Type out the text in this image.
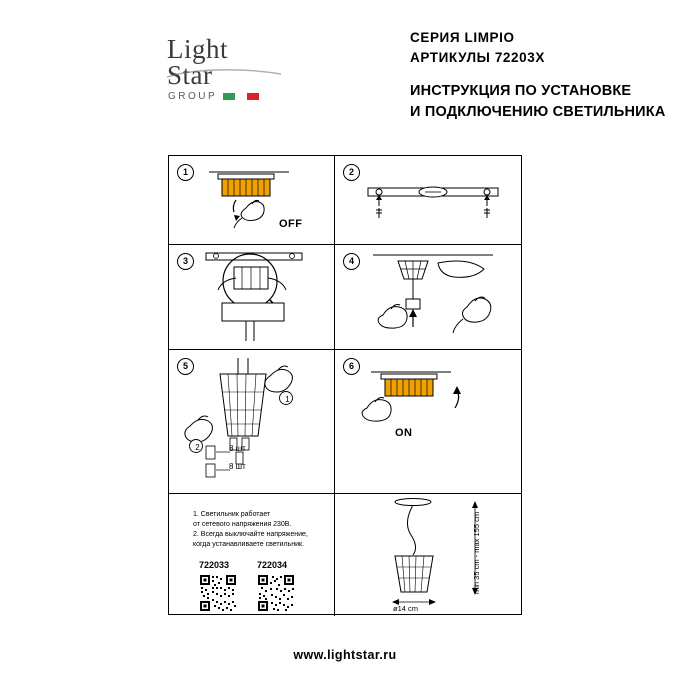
Light
Star
GROUP
СЕРИЯ LIMPIO
АРТИКУЛЫ 72203X
ИНСТРУКЦИЯ ПО УСТАНОВКЕ
И ПОДКЛЮЧЕНИЮ СВЕТИЛЬНИКА
1
OFF
2
3	4
5
1
2	8 шт
8 шт
6
ON
1. Светильник работает
от сетевого напряжения 230В.
2. Всегда выключайте напряжение,
когда устанавливаете светильник.
722033	722034	min 35 cm - max 155 cm
ø14 cm
www.lightstar.ru
